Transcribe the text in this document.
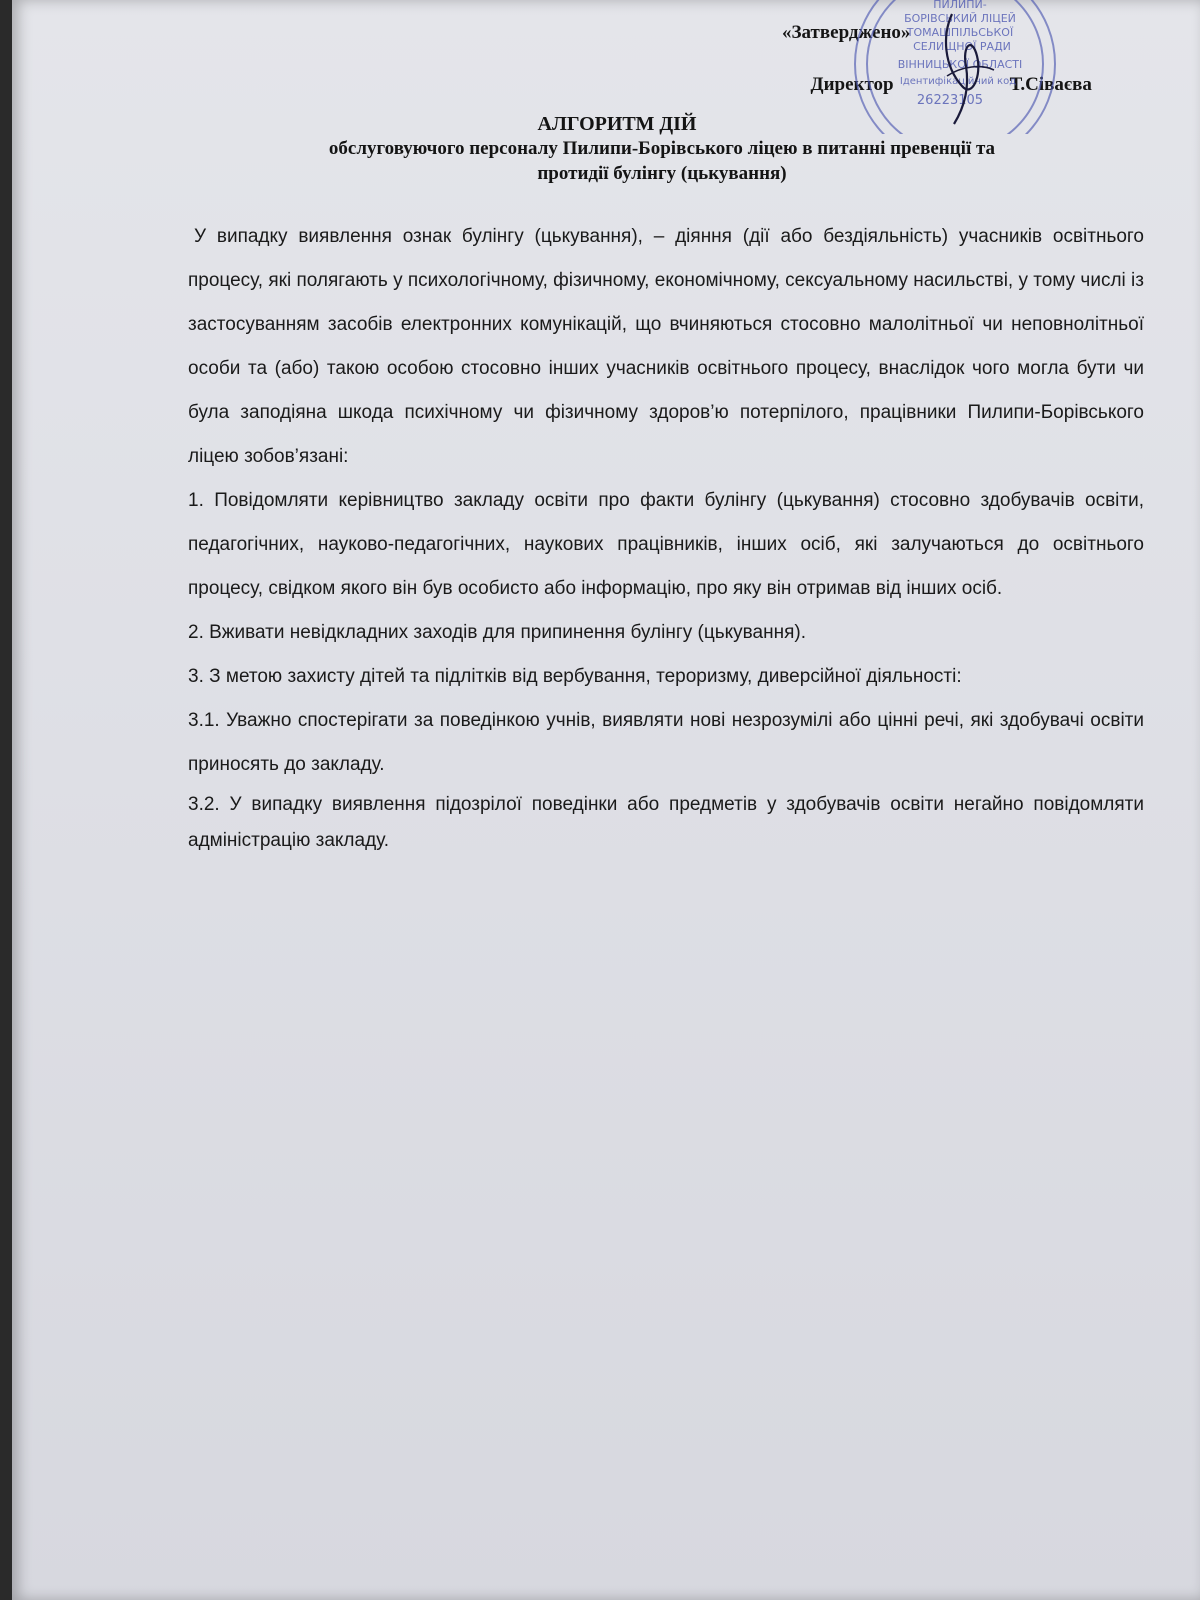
«Затверджено»

Директор	Т.Сіваєва

ПИЛИПИ-
БОРІВСЬКИЙ ЛІЦЕЙ
ТОМАШПІЛЬСЬКОЇ
СЕЛИЩНОЇ РАДИ
ВІННИЦЬКОЇ ОБЛАСТІ
Ідентифікаційний код
26223105
АЛГОРИТМ ДІЙ
обслуговуючого персоналу Пилипи-Борівського ліцею в питанні превенції та
протидії булінгу (цькування)

У випадку виявлення ознак булінгу (цькування), – діяння (дії або бездіяльність) учасників освітнього процесу, які полягають у психологічному, фізичному, економічному, сексуальному насильстві, у тому числі із застосуванням засобів електронних комунікацій, що вчиняються стосовно малолітньої чи неповнолітньої особи та (або) такою особою стосовно інших учасників освітнього процесу, внаслідок чого могла бути чи була заподіяна шкода психічному чи фізичному здоров’ю потерпілого, працівники Пилипи-Борівського ліцею зобов’язані:

1. Повідомляти керівництво закладу освіти про факти булінгу (цькування) стосовно здобувачів освіти, педагогічних, науково-педагогічних, наукових працівників, інших осіб, які залучаються до освітнього процесу, свідком якого він був особисто або інформацію, про яку він отримав від інших осіб.

2. Вживати невідкладних заходів для припинення булінгу (цькування).

3. З метою захисту дітей та підлітків від вербування, тероризму, диверсійної діяльності:

3.1. Уважно спостерігати за поведінкою учнів, виявляти нові незрозумілі або цінні речі, які здобувачі освіти приносять до закладу.

3.2. У випадку виявлення підозрілої поведінки або предметів у здобувачів освіти негайно повідомляти адміністрацію закладу.
